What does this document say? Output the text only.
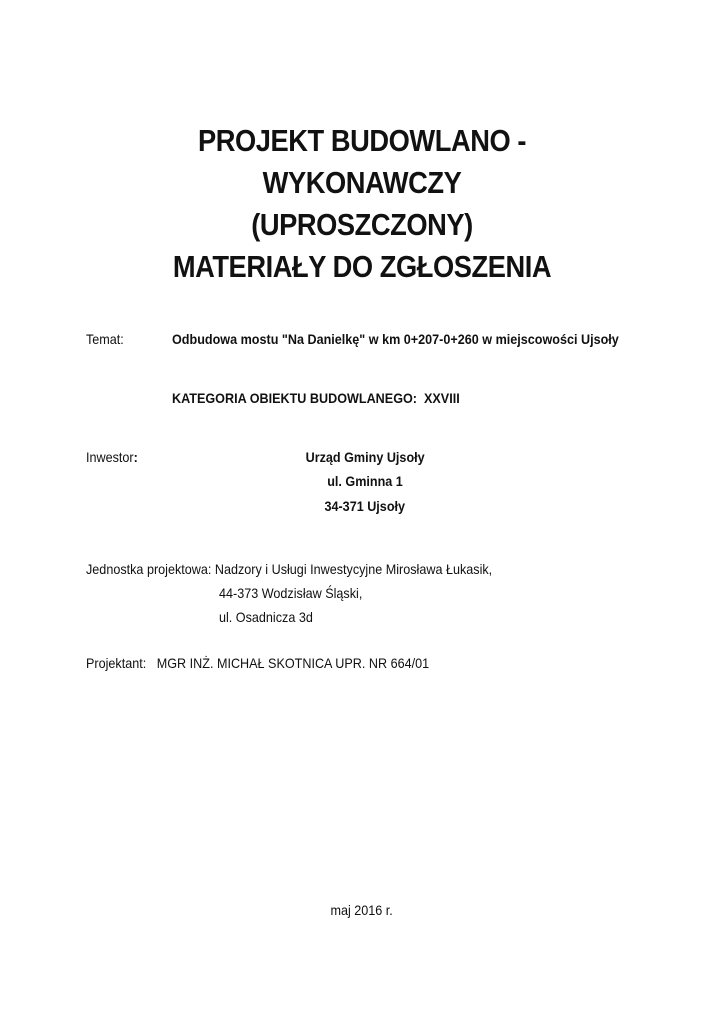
PROJEKT BUDOWLANO -
WYKONAWCZY
(UPROSZCZONY)
MATERIAŁY DO ZGŁOSZENIA
Temat:	Odbudowa mostu "Na Danielkę" w km 0+207-0+260 w miejscowości Ujsoły
KATEGORIA OBIEKTU BUDOWLANEGO:  XXVIII
Inwestor:	Urząd Gminy Ujsoły
ul. Gminna 1
34-371 Ujsoły
Jednostka projektowa: Nadzory i Usługi Inwestycyjne Mirosława Łukasik,
44-373 Wodzisław Śląski,
ul. Osadnicza 3d
Projektant: MGR INŻ. MICHAŁ SKOTNICA UPR. NR 664/01
maj 2016 r.
